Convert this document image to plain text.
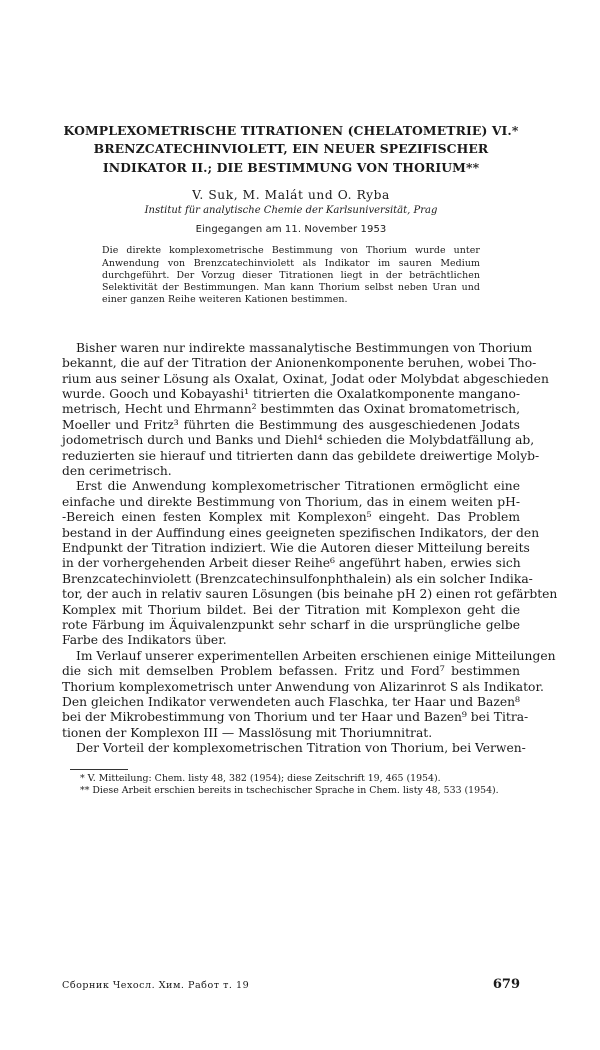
KOMPLEXOMETRISCHE TITRATIONEN (CHELATOMETRIE) VI.*
BRENZCATECHINVIOLETT, EIN NEUER SPEZIFISCHER
INDIKATOR II.; DIE BESTIMMUNG VON THORIUM**
V. Suk, M. Malát und O. Ryba
Institut für analytische Chemie der Karlsuniversität, Prag
Eingegangen am 11. November 1953
Die direkte komplexometrische Bestimmung von Thorium wurde unter
Anwendung von Brenzcatechinviolett als Indikator im sauren Medium
durchgeführt. Der Vorzug dieser Titrationen liegt in der beträchtlichen
Selektivität der Bestimmungen. Man kann Thorium selbst neben Uran und
einer ganzen Reihe weiteren Kationen bestimmen.
Bisher waren nur indirekte massanalytische Bestimmungen von Thorium
bekannt, die auf der Titration der Anionenkomponente beruhen, wobei Tho-
rium aus seiner Lösung als Oxalat, Oxinat, Jodat oder Molybdat abgeschieden
wurde. Gooch und Kobayashi¹ titrierten die Oxalatkomponente mangano-
metrisch, Hecht und Ehrmann² bestimmten das Oxinat bromatometrisch,
Moeller und Fritz³ führten die Bestimmung des ausgeschiedenen Jodats
jodometrisch durch und Banks und Diehl⁴ schieden die Molybdatfällung ab,
reduzierten sie hierauf und titrierten dann das gebildete dreiwertige Molyb-
den cerimetrisch.
Erst die Anwendung komplexometrischer Titrationen ermöglicht eine
einfache und direkte Bestimmung von Thorium, das in einem weiten pH-
-Bereich einen festen Komplex mit Komplexon⁵ eingeht. Das Problem
bestand in der Auffindung eines geeigneten spezifischen Indikators, der den
Endpunkt der Titration indiziert. Wie die Autoren dieser Mitteilung bereits
in der vorhergehenden Arbeit dieser Reihe⁶ angeführt haben, erwies sich
Brenzcatechinviolett (Brenzcatechinsulfonphthalein) als ein solcher Indika-
tor, der auch in relativ sauren Lösungen (bis beinahe pH 2) einen rot gefärbten
Komplex mit Thorium bildet. Bei der Titration mit Komplexon geht die
rote Färbung im Äquivalenzpunkt sehr scharf in die ursprüngliche gelbe
Farbe des Indikators über.
Im Verlauf unserer experimentellen Arbeiten erschienen einige Mitteilungen
die sich mit demselben Problem befassen. Fritz und Ford⁷ bestimmen
Thorium komplexometrisch unter Anwendung von Alizarinrot S als Indikator.
Den gleichen Indikator verwendeten auch Flaschka, ter Haar und Bazen⁸
bei der Mikrobestimmung von Thorium und ter Haar und Bazen⁹ bei Titra-
tionen der Komplexon III — Masslösung mit Thoriumnitrat.
Der Vorteil der komplexometrischen Titration von Thorium, bei Verwen-
* V. Mitteilung: Chem. listy 48, 382 (1954); diese Zeitschrift 19, 465 (1954).
** Diese Arbeit erschien bereits in tschechischer Sprache in Chem. listy 48, 533 (1954).
Сборник Чехосл. Хим. Работ т. 19	679
